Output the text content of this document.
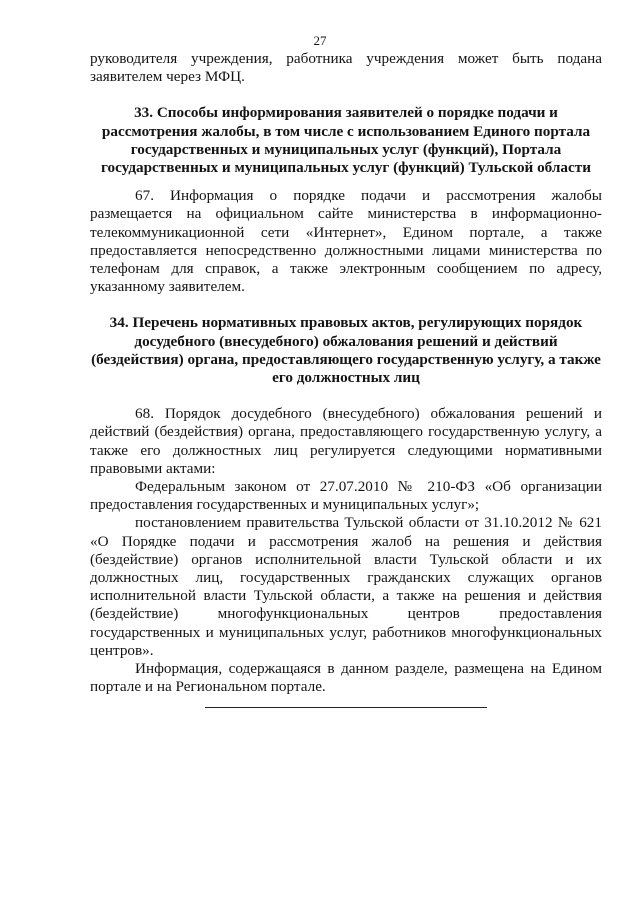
27

руководителя учреждения, работника учреждения может быть подана заявителем через МФЦ.

33. Способы информирования заявителей о порядке подачи и рассмотрения жалобы, в том числе с использованием Единого портала государственных и муниципальных услуг (функций), Портала государственных и муниципальных услуг (функций) Тульской области

67. Информация о порядке подачи и рассмотрения жалобы размещается на официальном сайте министерства в информационно-телекоммуникационной сети «Интернет», Едином портале, а также предоставляется непосредственно должностными лицами министерства по телефонам для справок, а также электронным сообщением по адресу, указанному заявителем.

34. Перечень нормативных правовых актов, регулирующих порядок досудебного (внесудебного) обжалования решений и действий (бездействия) органа, предоставляющего государственную услугу, а также его должностных лиц

68. Порядок досудебного (внесудебного) обжалования решений и действий (бездействия) органа, предоставляющего государственную услугу, а также его должностных лиц регулируется следующими нормативными правовыми актами:

Федеральным законом от 27.07.2010 № 210-ФЗ «Об организации предоставления государственных и муниципальных услуг»;

постановлением правительства Тульской области от 31.10.2012 № 621 «О Порядке подачи и рассмотрения жалоб на решения и действия (бездействие) органов исполнительной власти Тульской области и их должностных лиц, государственных гражданских служащих органов исполнительной власти Тульской области, а также на решения и действия (бездействие) многофункциональных центров предоставления государственных и муниципальных услуг, работников многофункциональных центров».

Информация, содержащаяся в данном разделе, размещена на Едином портале и на Региональном портале.
